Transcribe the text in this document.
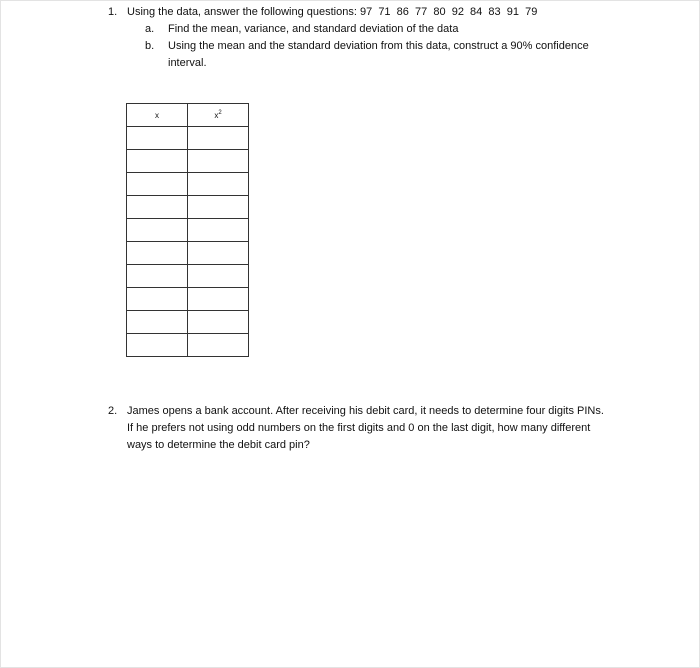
1. Using the data, answer the following questions: 97  71  86  77  80  92  84  83  91  79
a.	Find the mean, variance, and standard deviation of the data
b.	Using the mean and the standard deviation from this data, construct a 90% confidence interval.
x	$x^2$

2. James opens a bank account. After receiving his debit card, it needs to determine four digits PINs. If he prefers not using odd numbers on the first digits and 0 on the last digit, how many different ways to determine the debit card pin?
